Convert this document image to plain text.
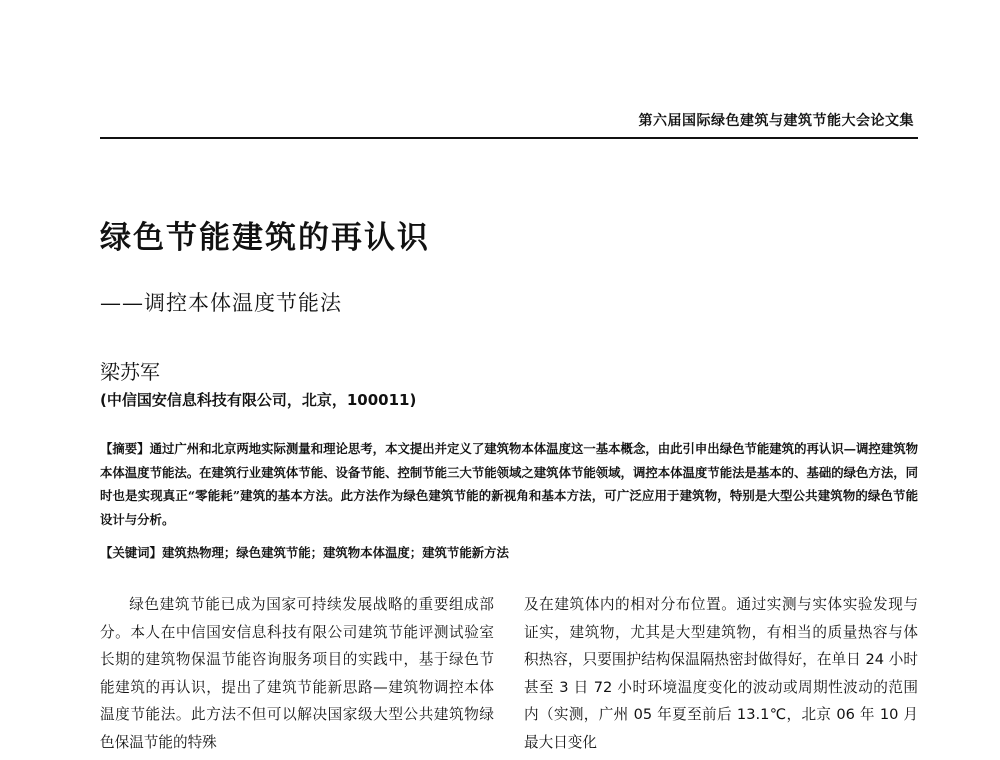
第六届国际绿色建筑与建筑节能大会论文集
绿色节能建筑的再认识
——调控本体温度节能法
梁苏军
(中信国安信息科技有限公司，北京，100011)

【摘要】通过广州和北京两地实际测量和理论思考，本文提出并定义了建筑物本体温度这一基本概念，由此引申出绿色节能建筑的再认识—调控建筑物本体温度节能法。在建筑行业建筑体节能、设备节能、控制节能三大节能领域之建筑体节能领域，调控本体温度节能法是基本的、基础的绿色方法，同时也是实现真正“零能耗”建筑的基本方法。此方法作为绿色建筑节能的新视角和基本方法，可广泛应用于建筑物，特别是大型公共建筑物的绿色节能设计与分析。

【关键词】建筑热物理；绿色建筑节能；建筑物本体温度；建筑节能新方法

绿色建筑节能已成为国家可持续发展战略的重要组成部分。本人在中信国安信息科技有限公司建筑节能评测试验室长期的建筑物保温节能咨询服务项目的实践中，基于绿色节能建筑的再认识，提出了建筑节能新思路—建筑物调控本体温度节能法。此方法不但可以解决国家级大型公共建筑物绿色保温节能的特殊

及在建筑体内的相对分布位置。通过实测与实体实验发现与证实，建筑物，尤其是大型建筑物，有相当的质量热容与体积热容，只要围护结构保温隔热密封做得好，在单日 24 小时甚至 3 日 72 小时环境温度变化的波动或周期性波动的范围内（实测，广州 05 年夏至前后 13.1℃，北京 06 年 10 月最大日变化
